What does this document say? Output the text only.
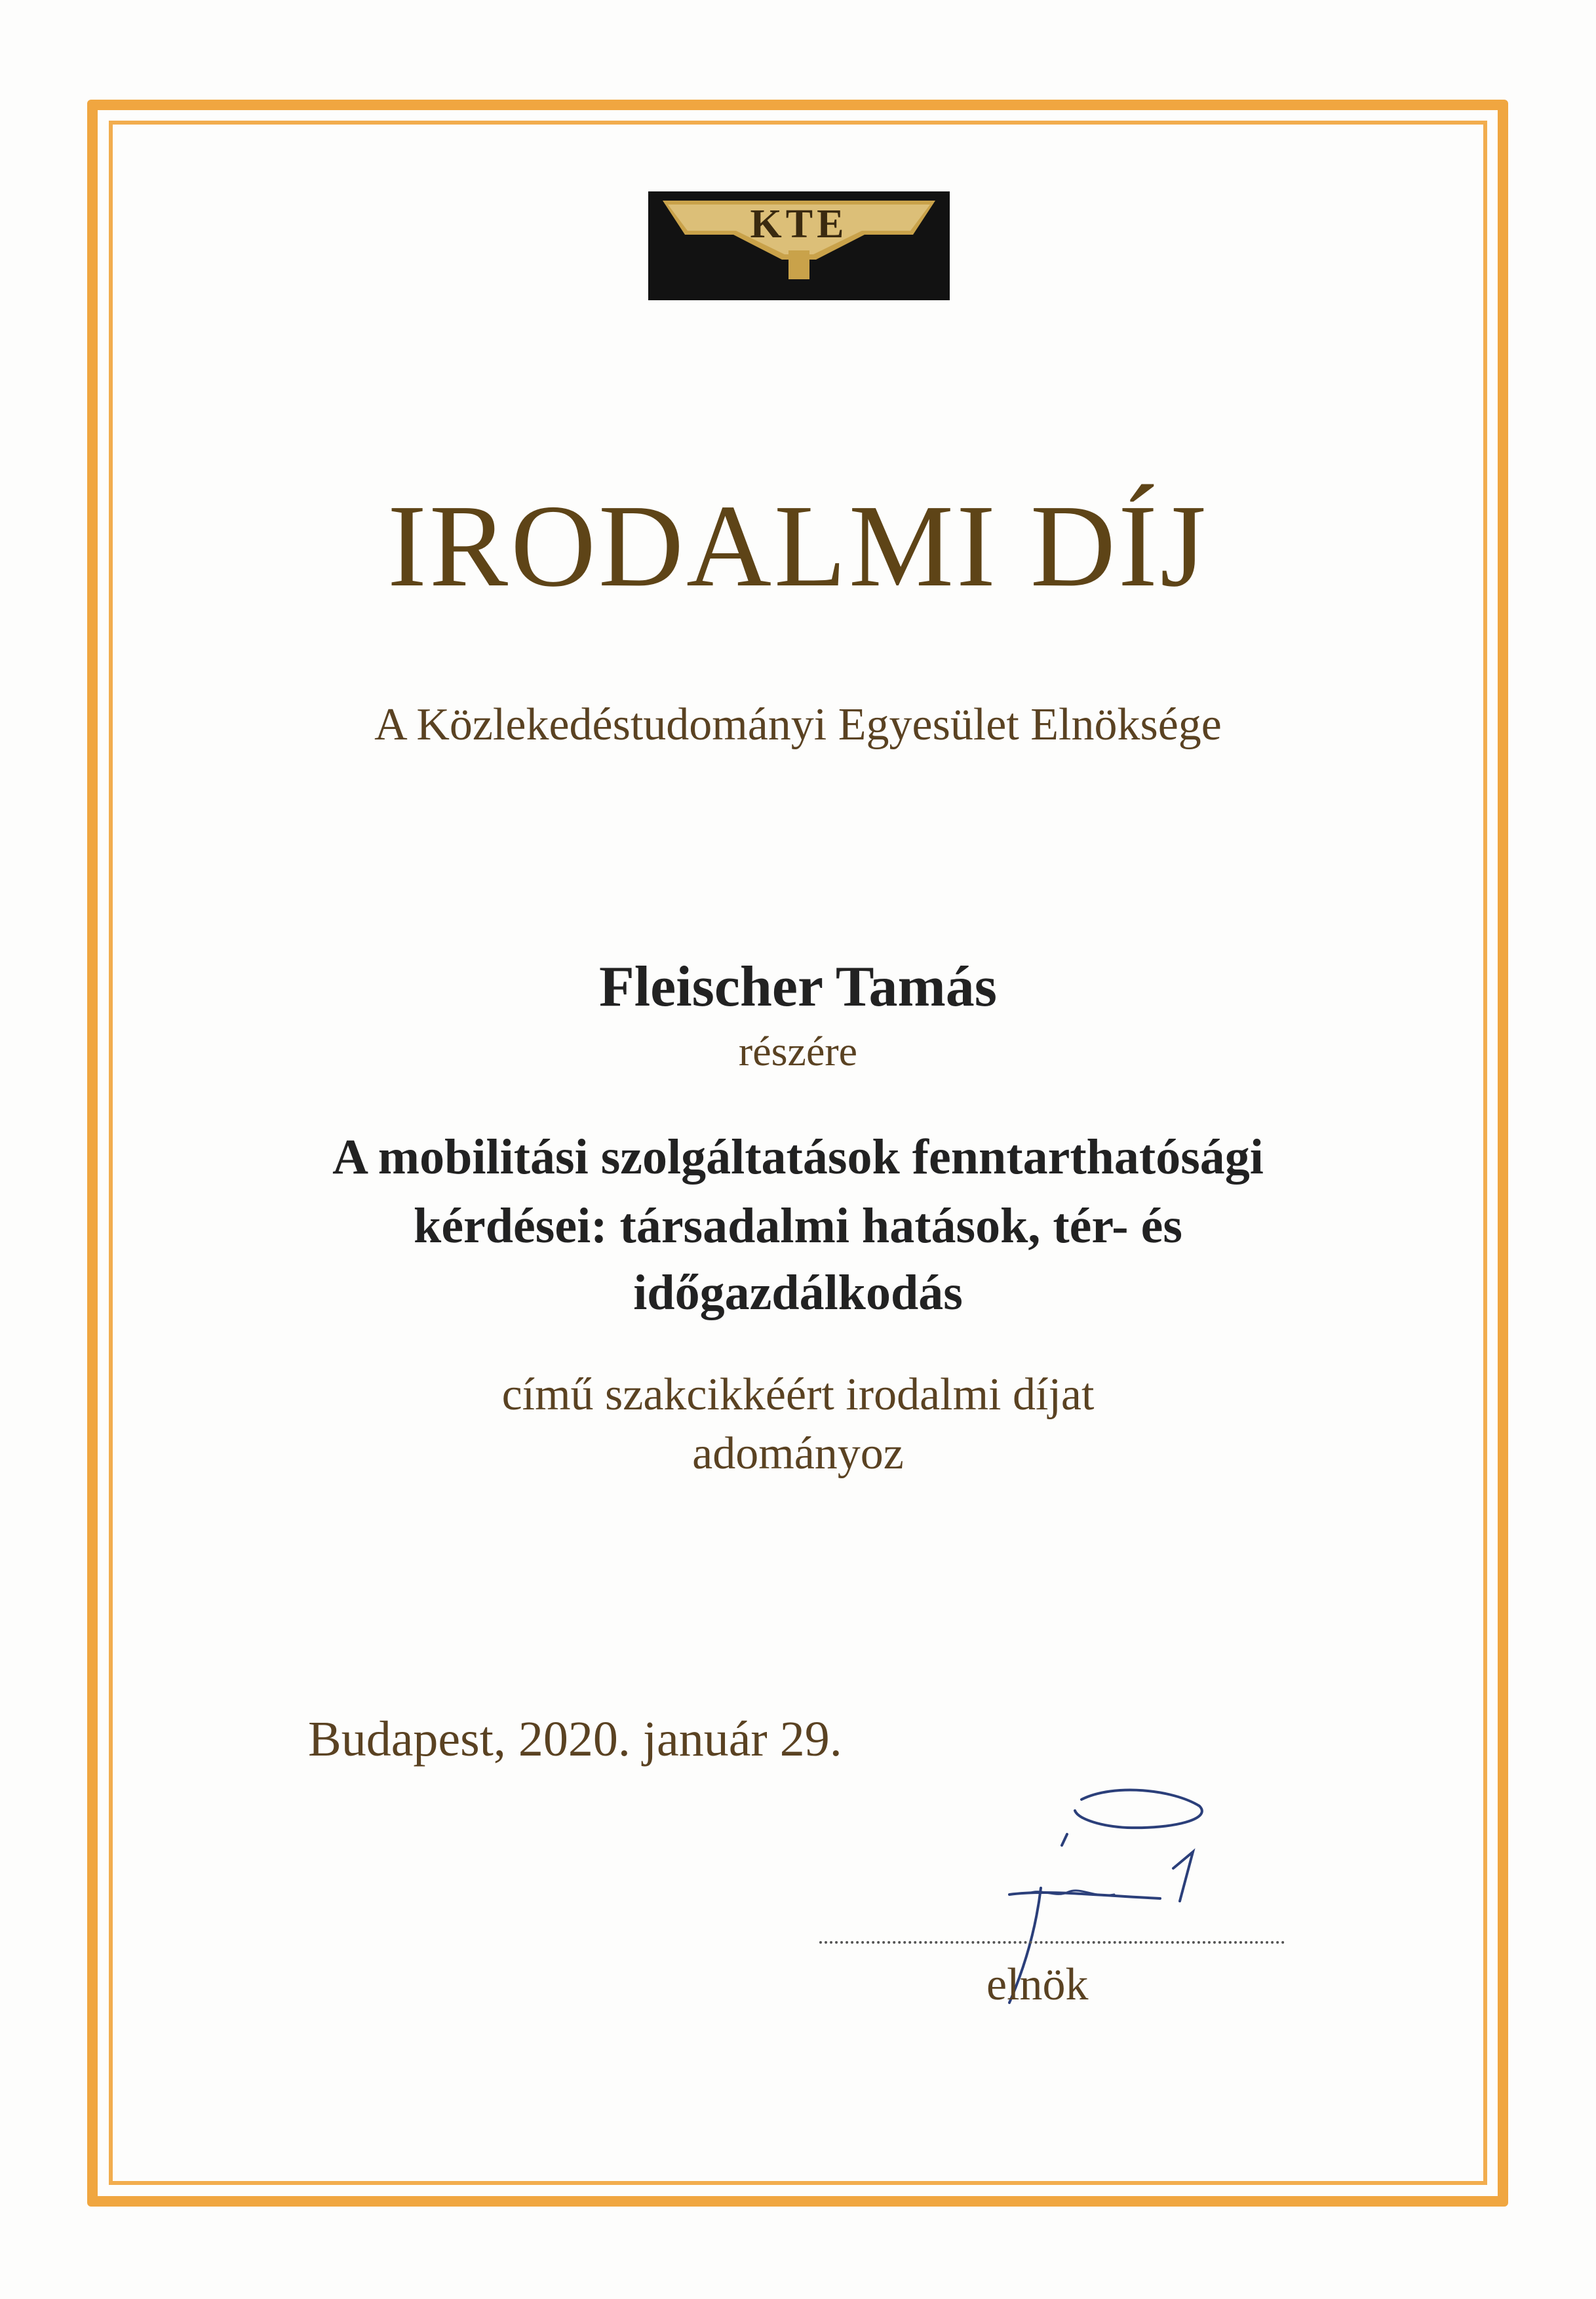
KTE
IRODALMI DÍJ
A Közlekedéstudományi Egyesület Elnöksége
Fleischer Tamás
részére
A mobilitási szolgáltatások fenntarthatósági
kérdései: társadalmi hatások, tér- és
időgazdálkodás
című szakcikkéért irodalmi díjat
adományoz
Budapest, 2020. január 29.
elnök
